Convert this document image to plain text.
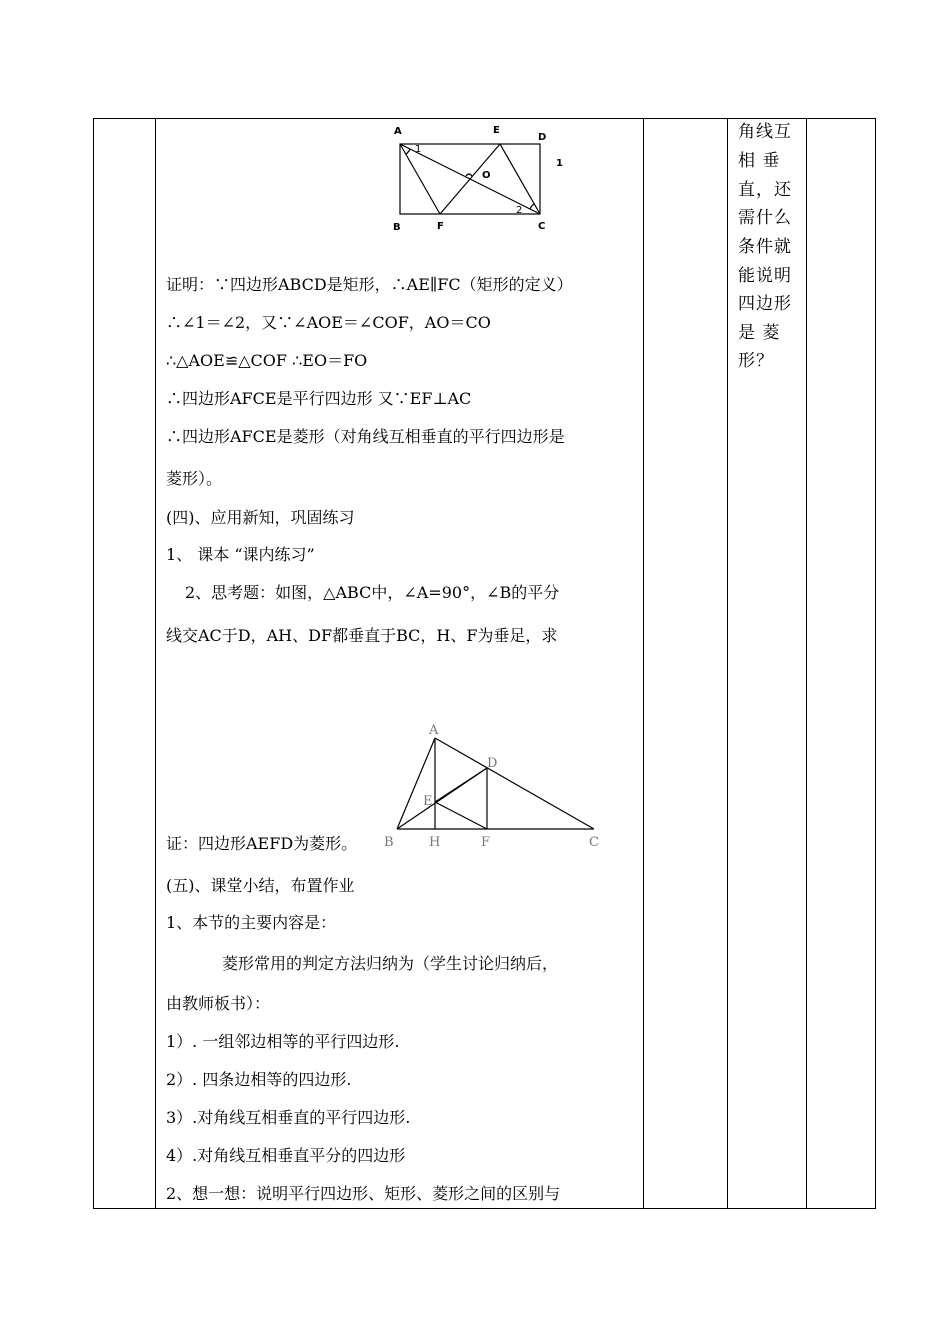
A	E
D
B	F	C
O
1
1
2
证明：∵四边形ABCD是矩形，∴AE∥FC（矩形的定义）
∴∠1＝∠2，又∵∠AOE＝∠COF，AO＝CO
∴△AOE≌△COF ∴EO＝FO
∴四边形AFCE是平行四边形 又∵EF⊥AC
∴四边形AFCE是菱形（对角线互相垂直的平行四边形是
菱形）。
(四)、应用新知，巩固练习
1、 课本 “课内练习”
2、思考题：如图，△ABC中，∠A=90°，∠B的平分
线交AC于D，AH、DF都垂直于BC，H、F为垂足，求
A
D
E
B	H	F	C
证：四边形AEFD为菱形。
(五)、课堂小结，布置作业
1、本节的主要内容是：
菱形常用的判定方法归纳为（学生讨论归纳后，
由教师板书）：
1）. 一组邻边相等的平行四边形.
2）. 四条边相等的四边形.
3）.对角线互相垂直的平行四边形.
4）.对角线互相垂直平分的四边形
2、想一想：说明平行四边形、矩形、菱形之间的区别与
角线互
相 垂
直，还
需什么
条件就
能说明
四边形
是 菱
形？
